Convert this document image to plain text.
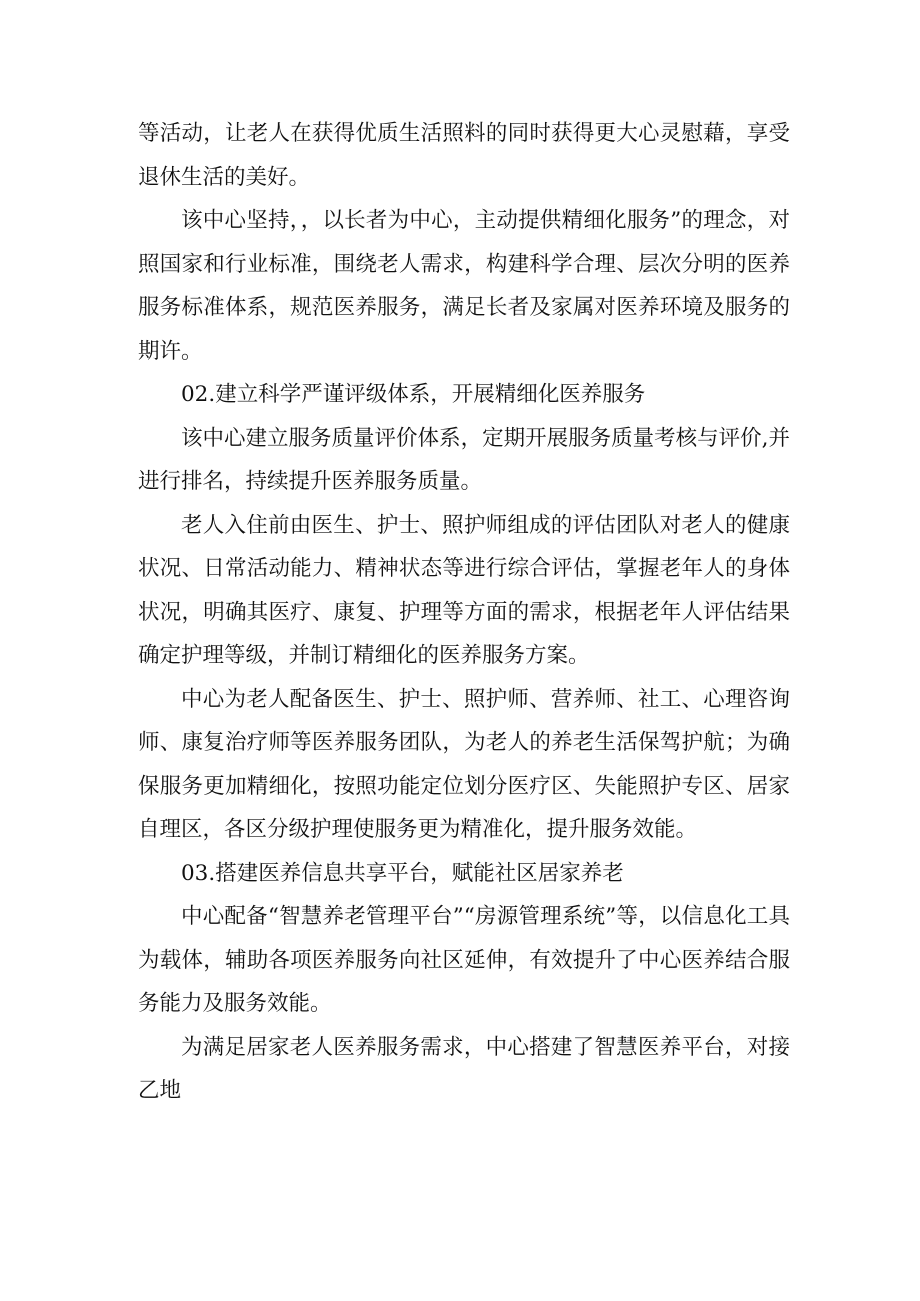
等活动，让老人在获得优质生活照料的同时获得更大心灵慰藉，享受退休生活的美好。

该中心坚持，，以长者为中心，主动提供精细化服务”的理念，对照国家和行业标准，围绕老人需求，构建科学合理、层次分明的医养服务标准体系，规范医养服务，满足长者及家属对医养环境及服务的期许。

02.建立科学严谨评级体系，开展精细化医养服务

该中心建立服务质量评价体系，定期开展服务质量考核与评价,并进行排名，持续提升医养服务质量。

老人入住前由医生、护士、照护师组成的评估团队对老人的健康状况、日常活动能力、精神状态等进行综合评估，掌握老年人的身体状况，明确其医疗、康复、护理等方面的需求，根据老年人评估结果确定护理等级，并制订精细化的医养服务方案。

中心为老人配备医生、护士、照护师、营养师、社工、心理咨询师、康复治疗师等医养服务团队，为老人的养老生活保驾护航；为确保服务更加精细化，按照功能定位划分医疗区、失能照护专区、居家自理区，各区分级护理使服务更为精准化，提升服务效能。

03.搭建医养信息共享平台，赋能社区居家养老

中心配备“智慧养老管理平台”“房源管理系统”等，以信息化工具为载体，辅助各项医养服务向社区延伸，有效提升了中心医养结合服务能力及服务效能。

为满足居家老人医养服务需求，中心搭建了智慧医养平台，对接乙地
